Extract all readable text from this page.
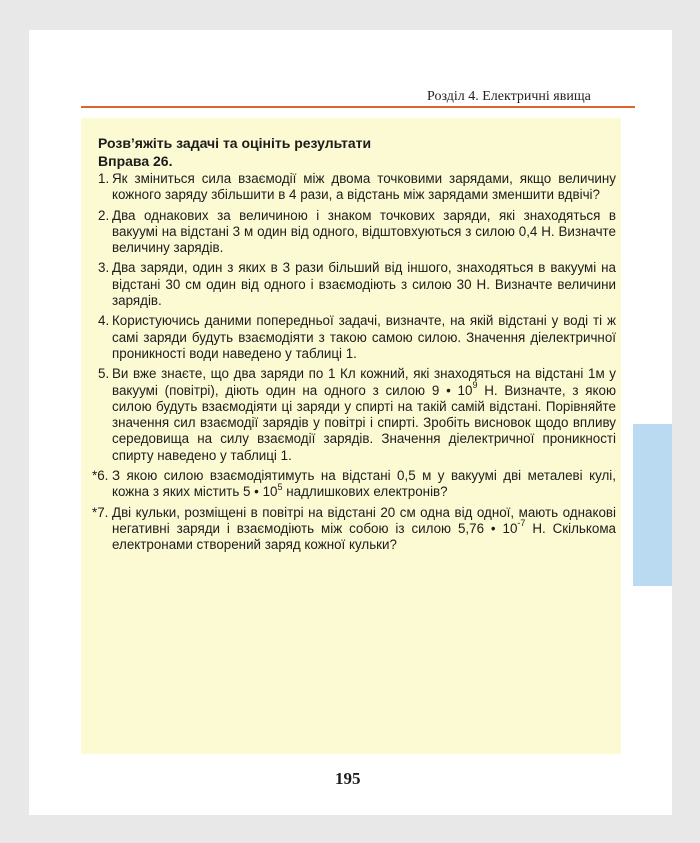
Розділ 4. Електричні явища
Розв’яжіть задачі та оцініть результати
Вправа 26.
1. Як зміниться сила взаємодії між двома точковими зарядами, якщо величину кожного заряду збільшити в 4 рази, а відстань між зарядами зменшити вдвічі?
2. Два однакових за величиною і знаком точкових заряди, які знаходяться в вакуумі на відстані 3 м один від одного, відштовхуються з силою 0,4 Н. Визначте величину зарядів.
3. Два заряди, один з яких в 3 рази більший від іншого, знаходяться в вакуумі на відстані 30 см один від одного і взаємодіють з силою 30 Н. Визначте величини зарядів.
4. Користуючись даними попередньої задачі, визначте, на якій відстані у воді ті ж самі заряди будуть взаємодіяти з такою самою силою. Значення діелектричної проникності води наведено у таблиці 1.
5. Ви вже знаєте, що два заряди по 1 Кл кожний, які знаходяться на відстані 1м у вакуумі (повітрі), діють один на одного з силою 9 • $10^9$ Н. Визначте, з якою силою будуть взаємодіяти ці заряди у спирті на такій самій відстані. Порівняйте значення сил взаємодії зарядів у повітрі і спирті. Зробіть висновок щодо впливу середовища на силу взаємодії зарядів. Значення діелектричної проникності спирту наведено у таблиці 1.
*6. З якою силою взаємодіятимуть на відстані 0,5 м у вакуумі дві металеві кулі, кожна з яких містить 5 • $10^5$ надлишкових електронів?
*7. Дві кульки, розміщені в повітрі на відстані 20 см одна від одної, мають однакові негативні заряди і взаємодіють між собою із силою 5,76 • $10^{-7}$ Н. Скількома електронами створений заряд кожної кульки?
195
